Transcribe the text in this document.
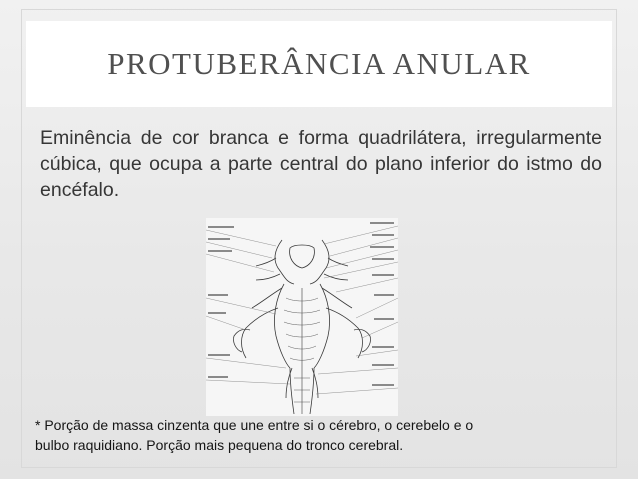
PROTUBERÂNCIA ANULAR
Eminência de cor branca e forma quadrilátera, irregularmente cúbica, que ocupa a parte central do plano inferior do istmo do encéfalo.
* Porção de massa cinzenta que une entre si o cérebro, o cerebelo e o
bulbo raquidiano. Porção mais pequena do tronco cerebral.
